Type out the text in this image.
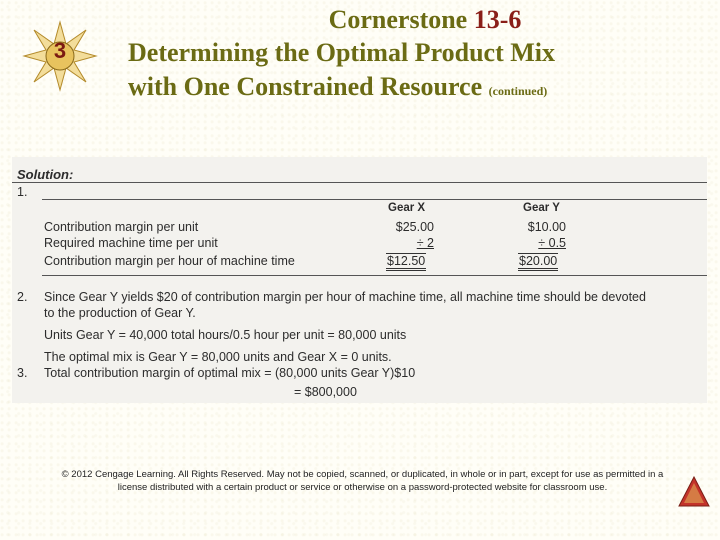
3
Cornerstone 13-6
Determining the Optimal Product Mix
with One Constrained Resource (continued)
Solution:
1.
Gear X	Gear Y
Contribution margin per unit	$25.00	$10.00
Required machine time per unit	÷ 2	÷ 0.5
Contribution margin per hour of machine time	$12.50	$20.00
2. Since Gear Y yields $20 of contribution margin per hour of machine time, all machine time should be devoted
to the production of Gear Y.
Units Gear Y = 40,000 total hours/0.5 hour per unit = 80,000 units
The optimal mix is Gear Y = 80,000 units and Gear X = 0 units.
3. Total contribution margin of optimal mix = (80,000 units Gear Y)$10
= $800,000
© 2012 Cengage Learning. All Rights Reserved. May not be copied, scanned, or duplicated, in whole or in part, except for use as permitted in a
license distributed with a certain product or service or otherwise on a password-protected website for classroom use.
